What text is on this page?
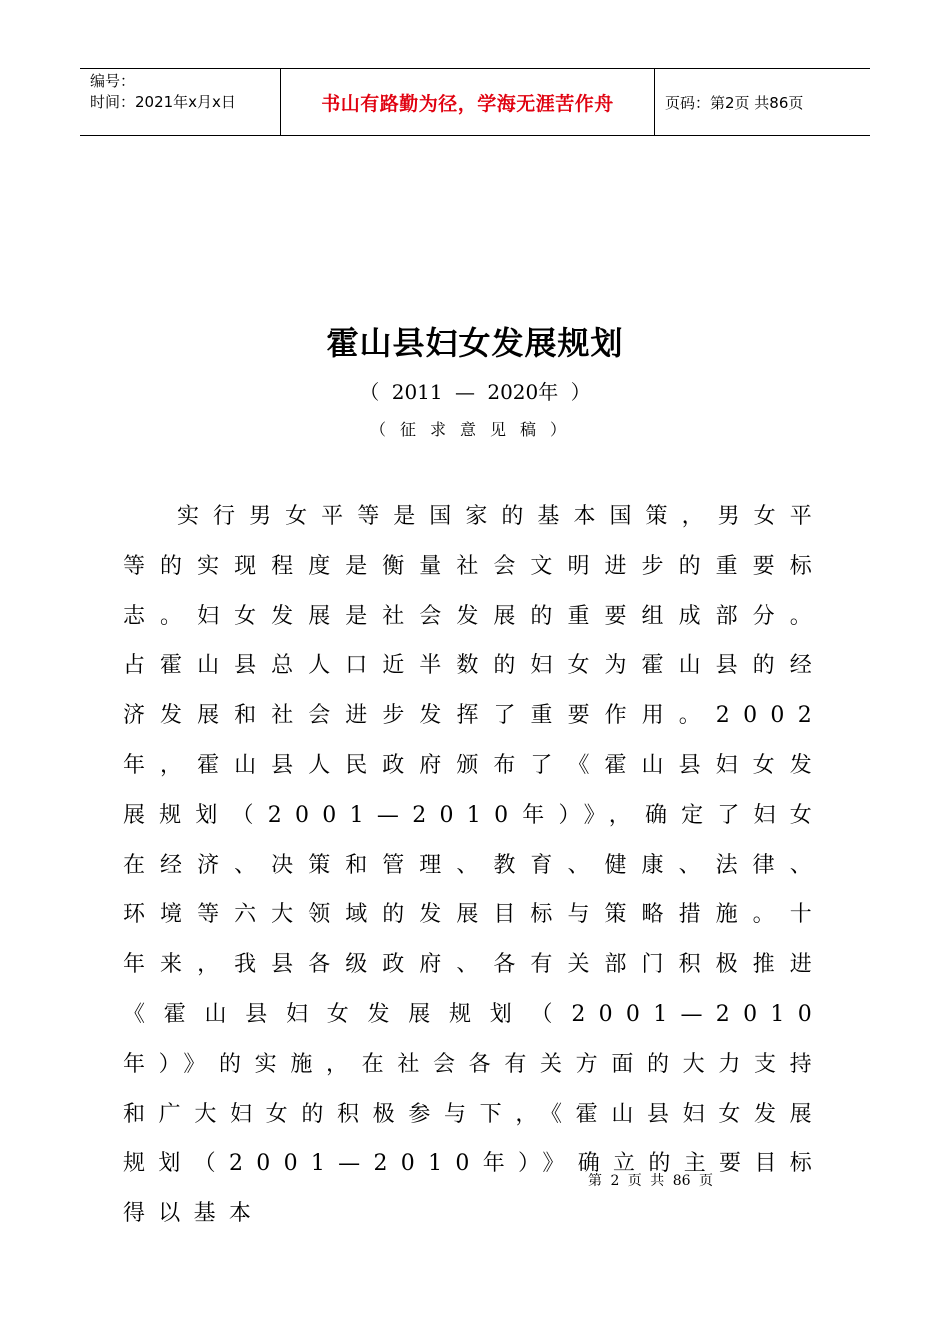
编号：
时间：2021年x月x日	书山有路勤为径，学海无涯苦作舟	页码：第2页 共86页
霍山县妇女发展规划
（ 2011 — 2020年 ）
（征求意见稿）
实行男女平等是国家的基本国策，男女平等的实现程度是衡量社会文明进步的重要标志。妇女发展是社会发展的重要组成部分。占霍山县总人口近半数的妇女为霍山县的经济发展和社会进步发挥了重要作用。2002年，霍山县人民政府颁布了《霍山县妇女发展规划（2001—2010年）》，确定了妇女在经济、决策和管理、教育、健康、法律、环境等六大领域的发展目标与策略措施。十年来，我县各级政府、各有关部门积极推进《霍山县妇女发展规划（2001—2010年）》的实施，在社会各有关方面的大力支持和广大妇女的积极参与下，《霍山县妇女发展规划（2001—2010年）》确立的主要目标得以基本
第 2 页 共 86 页
